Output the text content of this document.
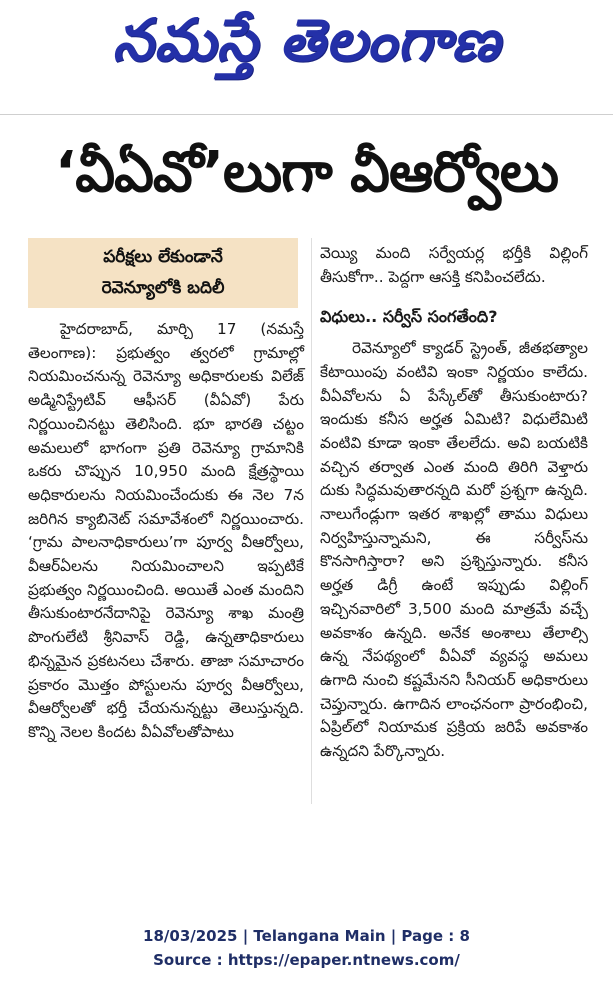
నమస్తే తెలంగాణ
‘వీఏవో’లుగా వీఆర్వోలు
పరీక్షలు లేకుండానే
రెవెన్యూలోకి బదిలీ

హైదరాబాద్, మార్చి 17 (నమస్తే తెలంగాణ): ప్రభుత్వం త్వరలో గ్రామాల్లో నియమించనున్న రెవెన్యూ అధికారులకు విలేజ్ అడ్మినిస్ట్రేటివ్ ఆఫీసర్ (వీఏవో) పేరు నిర్ణయించినట్టు తెలిసింది. భూ భారతి చట్టం అమలులో భాగంగా ప్రతి రెవెన్యూ గ్రామానికి ఒకరు చొప్పున 10,950 మంది క్షేత్రస్థాయి అధికారులను నియమించేందుకు ఈ నెల 7న జరిగిన క్యాబినెట్ సమావేశంలో నిర్ణయించారు. ‘గ్రామ పాలనాధికారులు’గా పూర్వ వీఆర్వోలు, వీఆర్ఏలను నియమించాలని ఇప్పటికే ప్రభుత్వం నిర్ణయించింది. అయితే ఎంత మందిని తీసుకుంటారనేదానిపై రెవెన్యూ శాఖ మంత్రి పొంగులేటి శ్రీనివాస్ రెడ్డి, ఉన్నతాధికారులు భిన్నమైన ప్రకటనలు చేశారు. తాజా సమాచారం ప్రకారం మొత్తం పోస్టులను పూర్వ వీఆర్వోలు, వీఆర్వోలతో భర్తీ చేయనున్నట్టు తెలుస్తున్నది. కొన్ని నెలల కిందట వీఏవోలతోపాటు

వెయ్యి మంది సర్వేయర్ల భర్తీకి విల్లింగ్ తీసుకోగా.. పెద్దగా ఆసక్తి కనిపించలేదు.

విధులు.. సర్వీస్ సంగతేంది?

రెవెన్యూలో క్యాడర్ స్ట్రెంత్, జీతభత్యాల కేటాయింపు వంటివి ఇంకా నిర్ణయం కాలేదు. వీఏవోలను ఏ పేస్కేల్‌తో తీసుకుంటారు? ఇందుకు కనీస అర్హత ఏమిటి? విధులేమిటి వంటివి కూడా ఇంకా తేలలేదు. అవి బయటికి వచ్చిన తర్వాత ఎంత మంది తిరిగి వెళ్తారు దుకు సిద్ధమవుతారన్నది మరో ప్రశ్నగా ఉన్నది. నాలుగేండ్లుగా ఇతర శాఖల్లో తాము విధులు నిర్వహిస్తున్నామని, ఈ సర్వీస్‌ను కొనసాగిస్తారా? అని ప్రశ్నిస్తున్నారు. కనీస అర్హత డిగ్రీ ఉంటే ఇప్పుడు విల్లింగ్ ఇచ్చినవారిలో 3,500 మంది మాత్రమే వచ్చే అవకాశం ఉన్నది. అనేక అంశాలు తేలాల్సి ఉన్న నేపథ్యంలో వీఏవో వ్యవస్థ అమలు ఉగాది నుంచి కష్టమేనని సీనియర్ అధికారులు చెప్తున్నారు. ఉగాదిన లాంఛనంగా ప్రారంభించి, ఏప్రిల్‌లో నియామక ప్రక్రియ జరిపే అవకాశం ఉన్నదని పేర్కొన్నారు.

18/03/2025 | Telangana Main | Page : 8
Source : https://epaper.ntnews.com/
